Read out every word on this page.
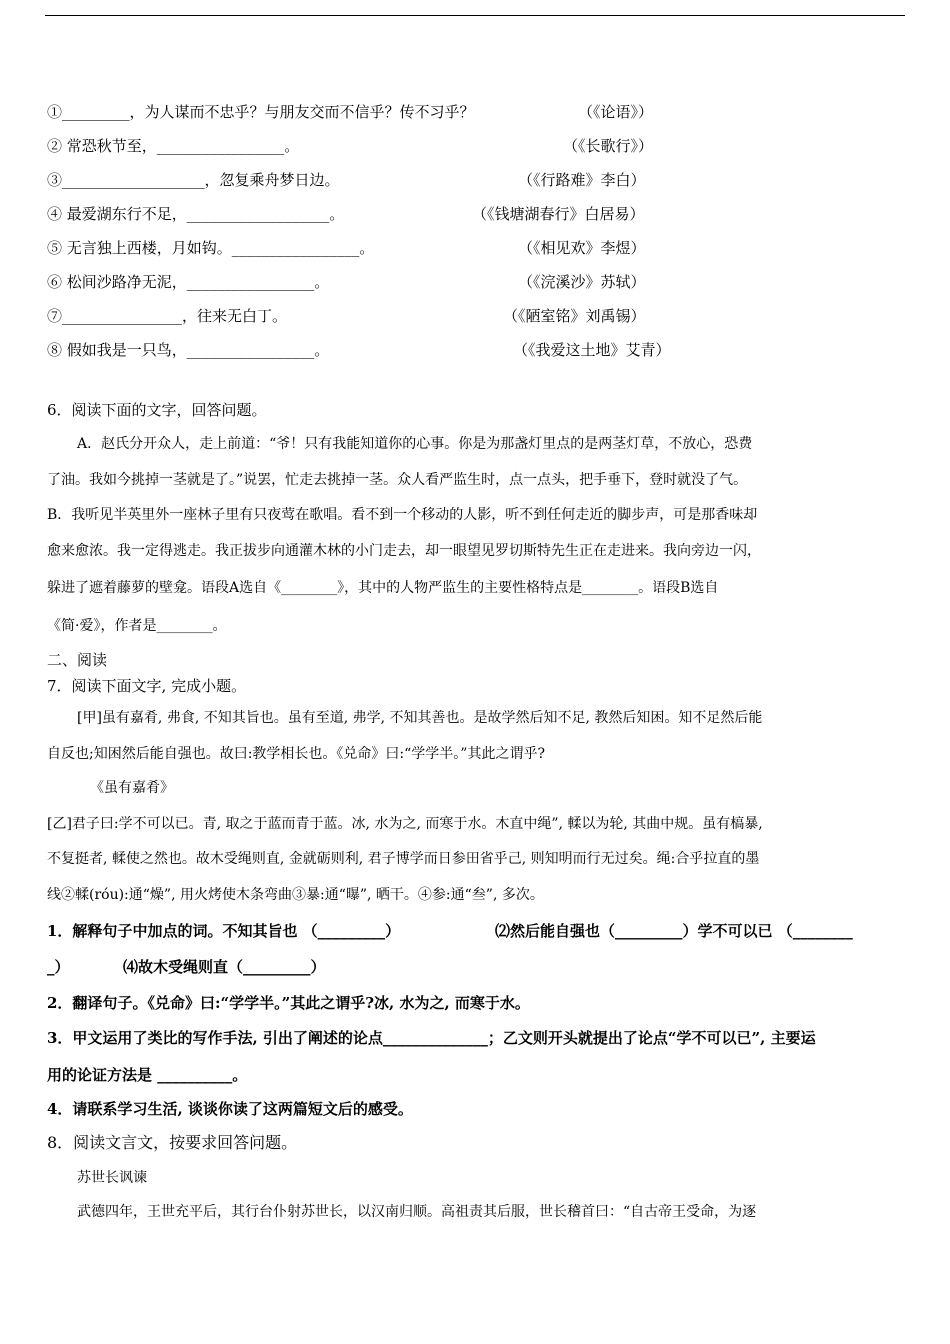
①_________，为人谋而不忠乎？与朋友交而不信乎？传不习乎？	（《论语》）
② 常恐秋节至，_________________。	（《长歌行》）
③___________________，忽复乘舟梦日边。	（《行路难》李白）
④ 最爱湖东行不足，___________________。	（《钱塘湖春行》白居易）
⑤ 无言独上西楼，月如钩。_________________。	（《相见欢》李煜）
⑥ 松间沙路净无泥，_________________。	（《浣溪沙》苏轼）
⑦________________，往来无白丁。	（《陋室铭》刘禹锡）
⑧ 假如我是一只鸟，_________________。	（《我爱这土地》艾青）
6．阅读下面的文字，回答问题。
A．赵氏分开众人，走上前道：“爷！只有我能知道你的心事。你是为那盏灯里点的是两茎灯草，不放心，恐费
了油。我如今挑掉一茎就是了。”说罢，忙走去挑掉一茎。众人看严监生时，点一点头，把手垂下，登时就没了气。
B．我听见半英里外一座林子里有只夜莺在歌唱。看不到一个移动的人影，听不到任何走近的脚步声，可是那香味却
愈来愈浓。我一定得逃走。我正拔步向通灌木林的小门走去，却一眼望见罗切斯特先生正在走进来。我向旁边一闪，
躲进了遮着藤萝的壁龛。语段A选自《________》，其中的人物严监生的主要性格特点是________。语段B选自
《简·爱》，作者是________。
二、阅读
7．阅读下面文字, 完成小题。
[甲]虽有嘉肴, 弗食, 不知其旨也。虽有至道, 弗学, 不知其善也。是故学然后知不足, 教然后知困。知不足然后能
自反也;知困然后能自强也。故曰:教学相长也。《兑命》曰:“学学半。”其此之谓乎?
《虽有嘉肴》
[乙]君子曰:学不可以已。青, 取之于蓝而青于蓝。冰, 水为之, 而寒于水。木直中绳”, 輮以为轮, 其曲中规。虽有槁暴,
不复挺者, 輮使之然也。故木受绳则直, 金就砺则利, 君子博学而日参田省乎己, 则知明而行无过矣。绳:合乎拉直的墨
线②輮(róu):通“燥”, 用火烤使木条弯曲③暴:通“曝”, 晒干。④参:通“叁”, 多次。
1．解释句子中加点的词。不知其旨也 （_________）	⑵然后能自强也（_________）学不可以已 （________
_）	⑷故木受绳则直（_________）
2．翻译句子。《兑命》曰:“学学半。”其此之谓乎?冰, 水为之, 而寒于水。
3．甲文运用了类比的写作手法, 引出了阐述的论点______________；乙文则开头就提出了论点“学不可以已”, 主要运
用的论证方法是 __________。
4．请联系学习生活, 谈谈你读了这两篇短文后的感受。
8．阅读文言文，按要求回答问题。
苏世长讽谏
武德四年，王世充平后，其行台仆射苏世长，以汉南归顺。高祖责其后服，世长稽首曰：“自古帝王受命，为逐
